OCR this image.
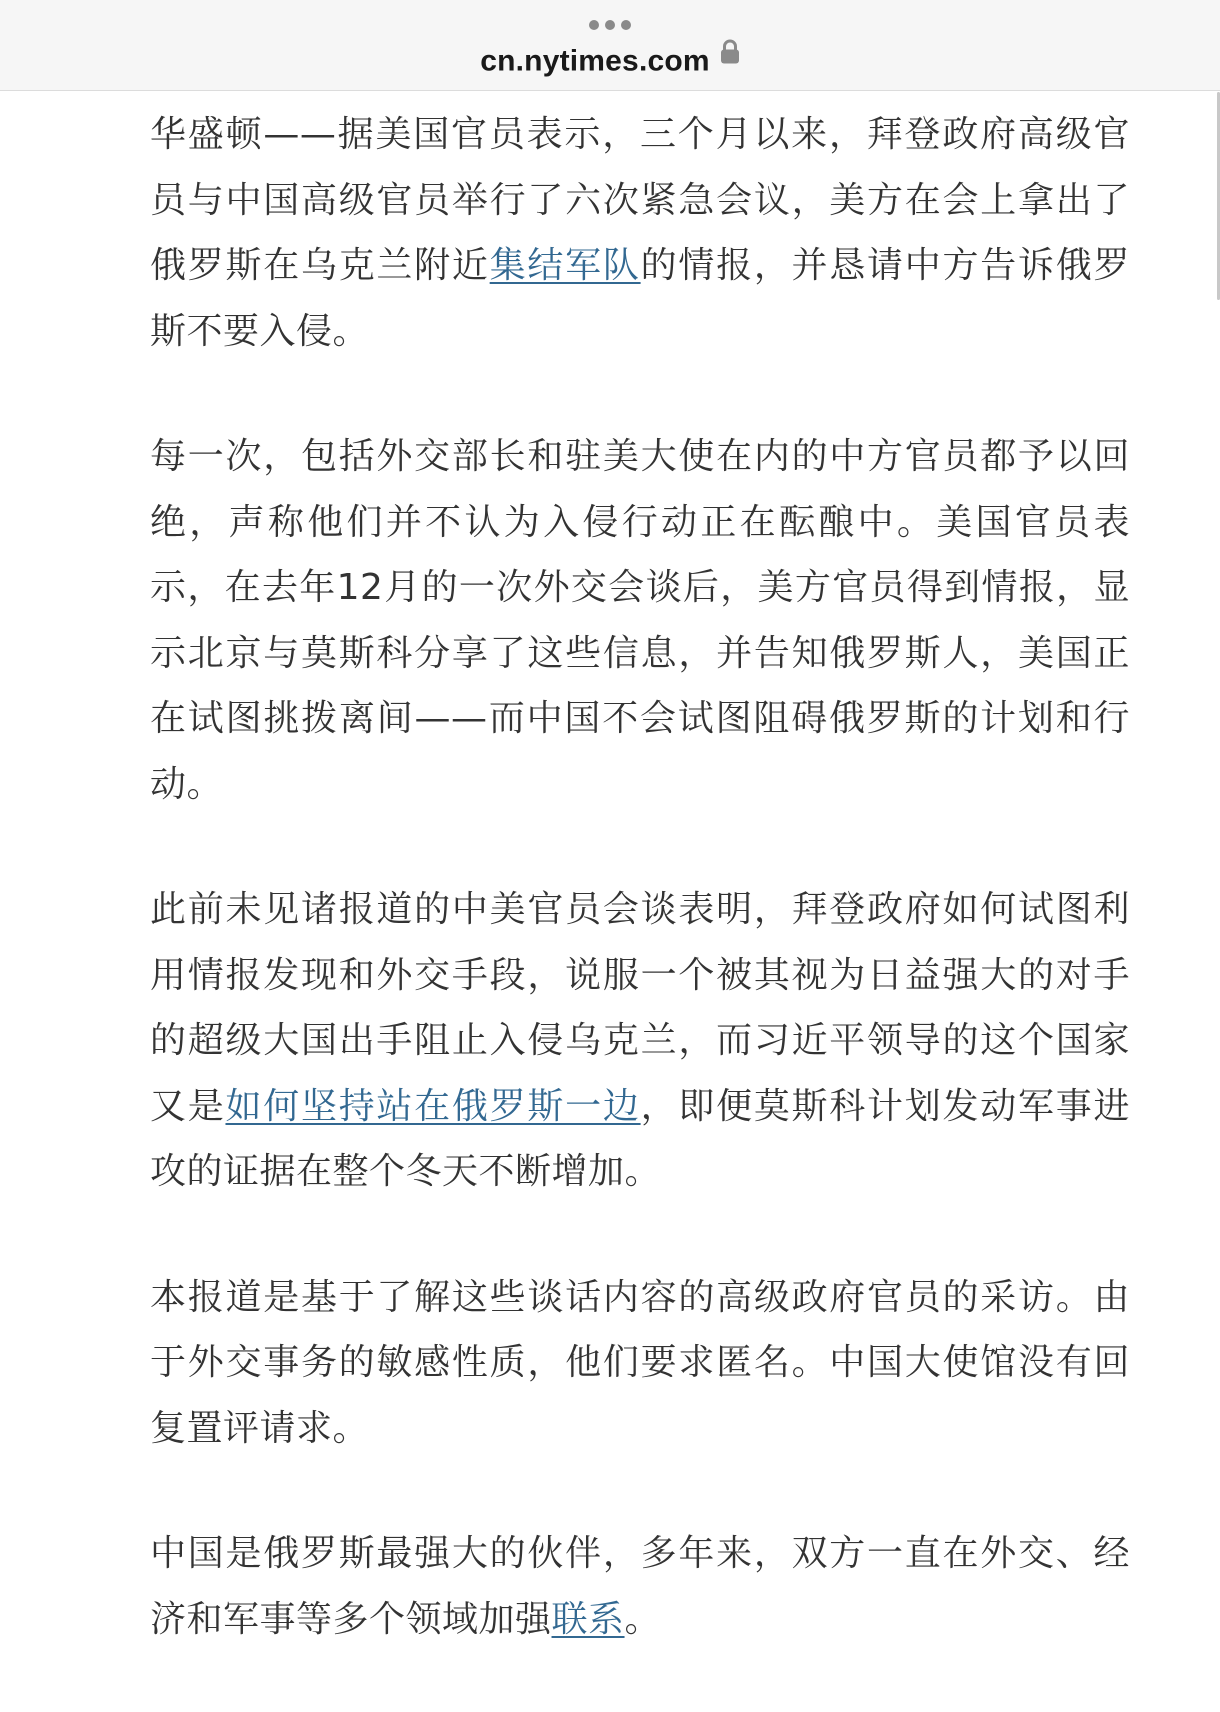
cn.nytimes.com

华盛顿——据美国官员表示，三个月以来，拜登政府高级官员与中国高级官员举行了六次紧急会议，美方在会上拿出了俄罗斯在乌克兰附近集结军队的情报，并恳请中方告诉俄罗斯不要入侵。

每一次，包括外交部长和驻美大使在内的中方官员都予以回绝，声称他们并不认为入侵行动正在酝酿中。美国官员表示，在去年12月的一次外交会谈后，美方官员得到情报，显示北京与莫斯科分享了这些信息，并告知俄罗斯人，美国正在试图挑拨离间——而中国不会试图阻碍俄罗斯的计划和行动。

此前未见诸报道的中美官员会谈表明，拜登政府如何试图利用情报发现和外交手段，说服一个被其视为日益强大的对手的超级大国出手阻止入侵乌克兰，而习近平领导的这个国家又是如何坚持站在俄罗斯一边，即便莫斯科计划发动军事进攻的证据在整个冬天不断增加。

本报道是基于了解这些谈话内容的高级政府官员的采访。由于外交事务的敏感性质，他们要求匿名。中国大使馆没有回复置评请求。

中国是俄罗斯最强大的伙伴，多年来，双方一直在外交、经济和军事等多个领域加强联系。
